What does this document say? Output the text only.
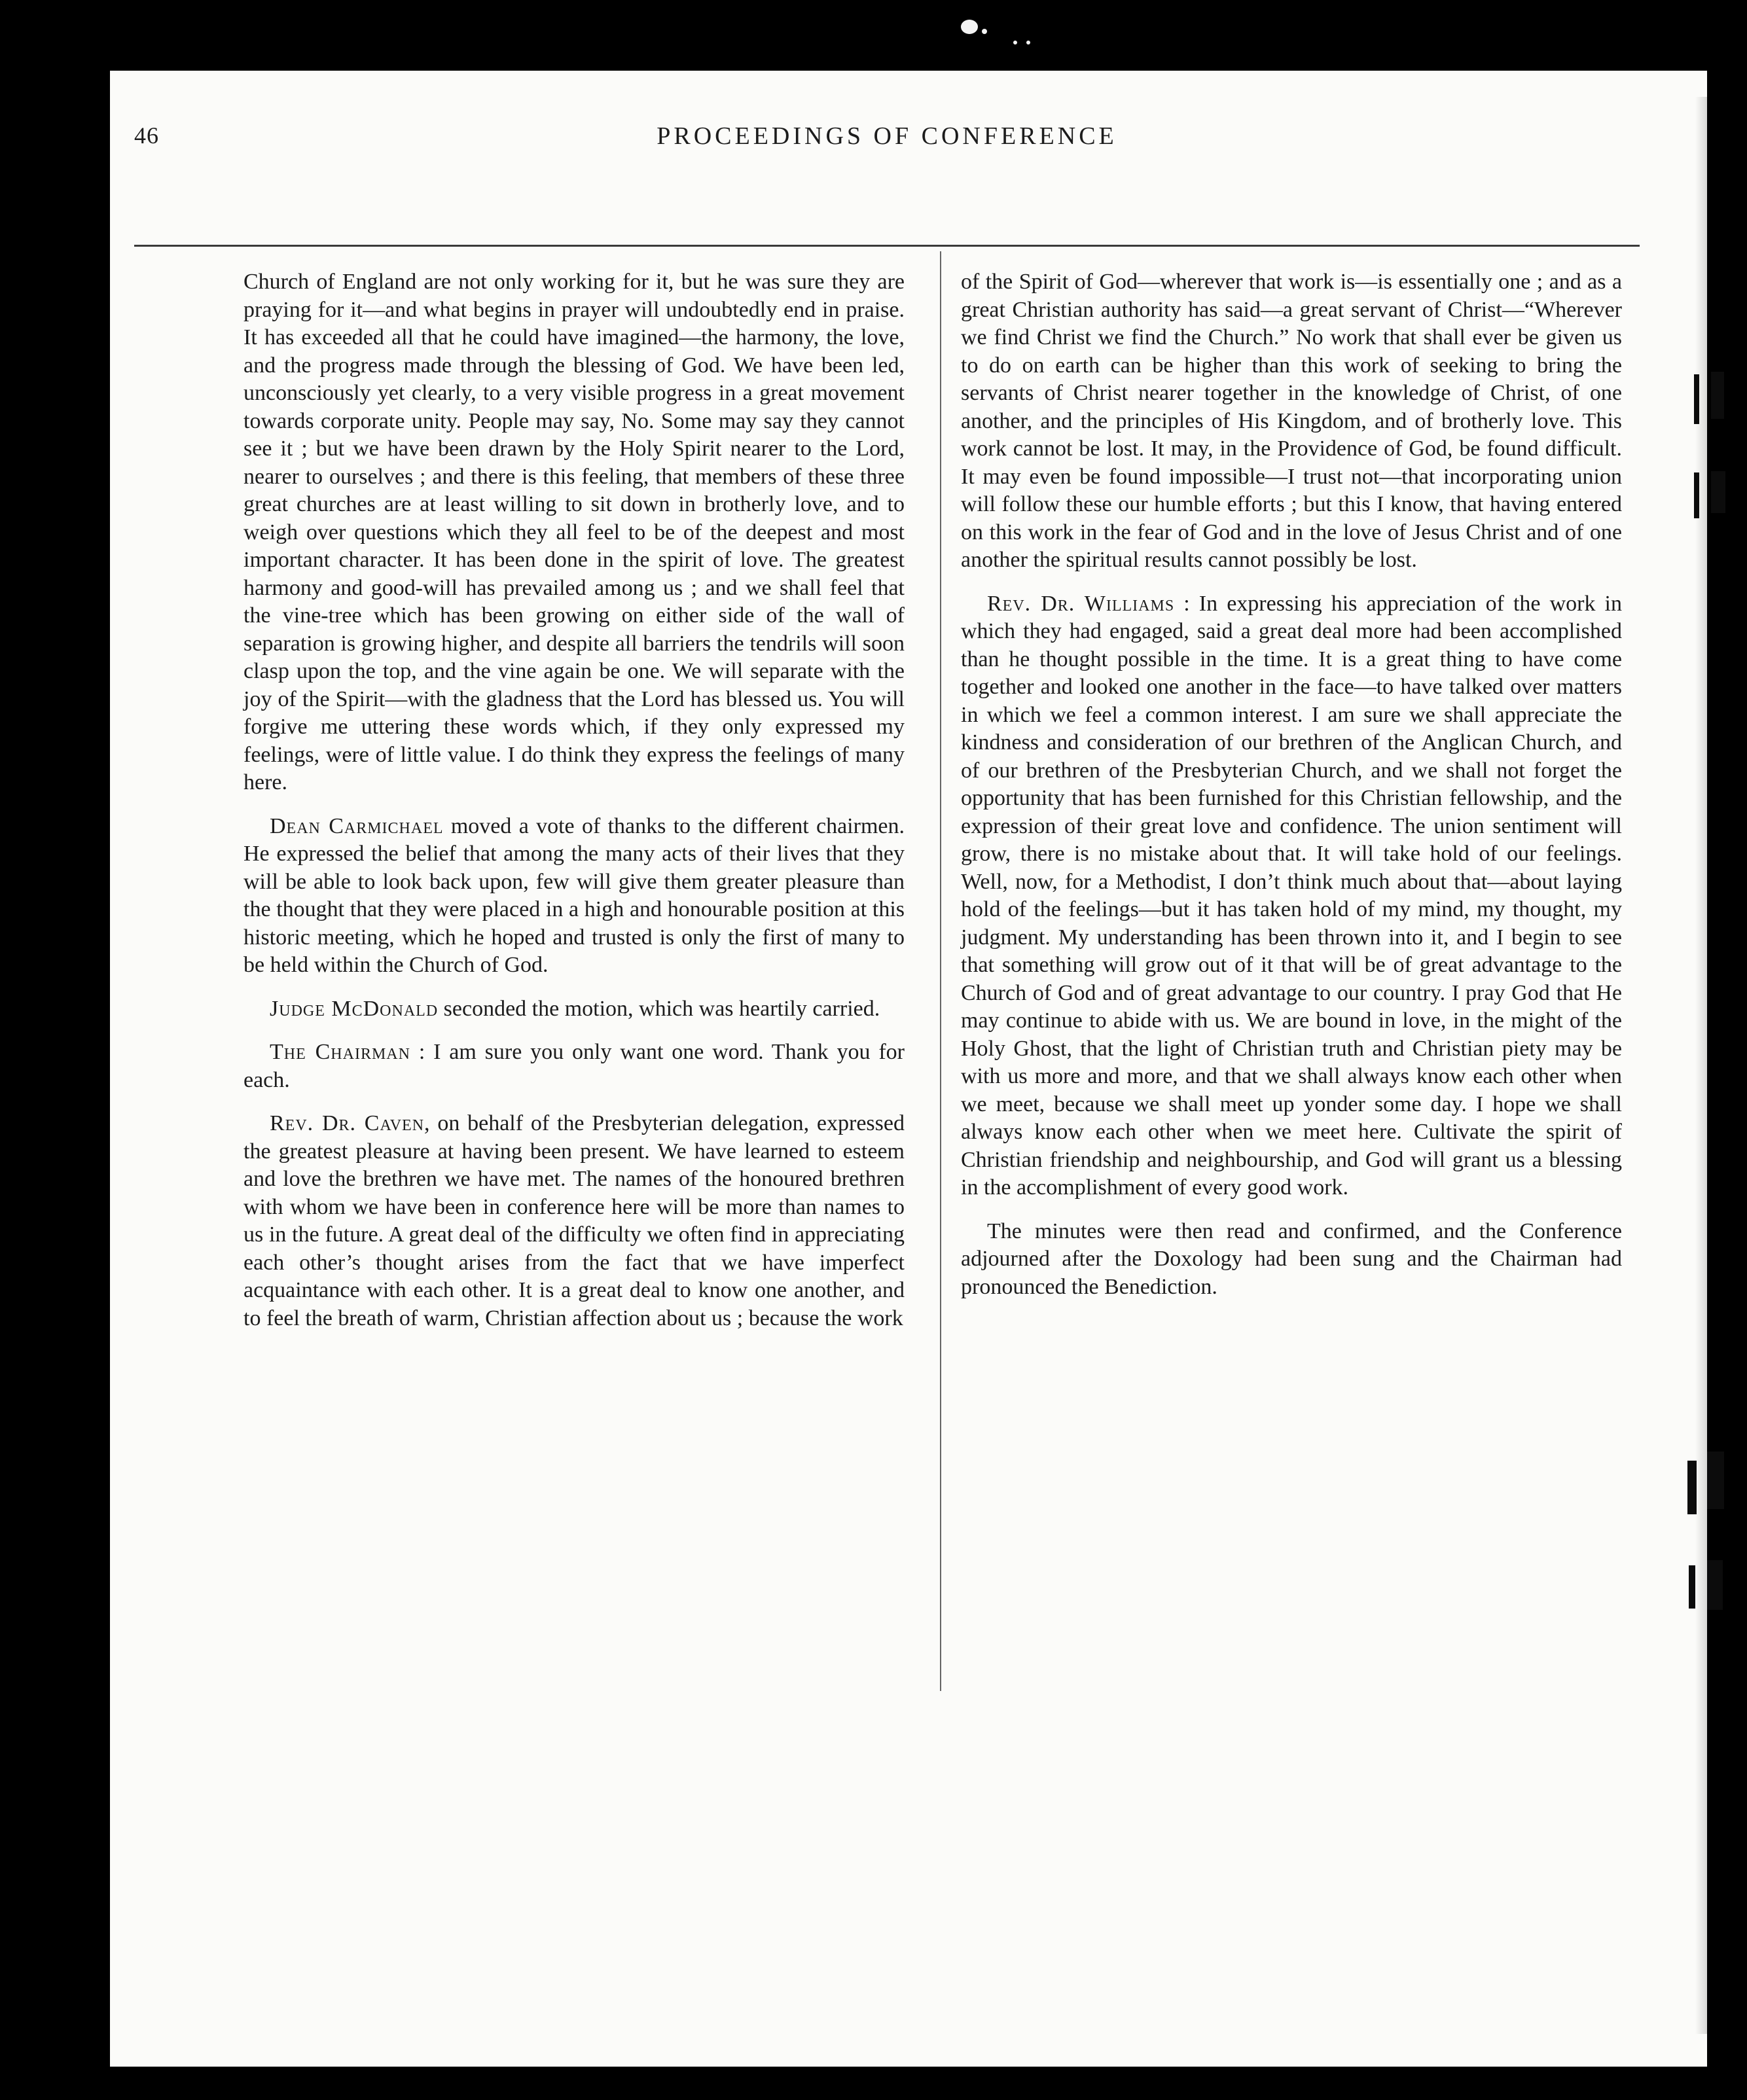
46	PROCEEDINGS OF CONFERENCE

Church of England are not only working for it, but he was sure they are praying for it—and what begins in prayer will undoubtedly end in praise. It has exceeded all that he could have imagined—the harmony, the love, and the progress made through the blessing of God. We have been led, unconsciously yet clearly, to a very visible progress in a great movement towards corporate unity. People may say, No. Some may say they cannot see it ; but we have been drawn by the Holy Spirit nearer to the Lord, nearer to ourselves ; and there is this feeling, that members of these three great churches are at least willing to sit down in brotherly love, and to weigh over questions which they all feel to be of the deepest and most important character. It has been done in the spirit of love. The greatest harmony and good-will has prevailed among us ; and we shall feel that the vine-tree which has been growing on either side of the wall of separation is growing higher, and despite all barriers the tendrils will soon clasp upon the top, and the vine again be one. We will separate with the joy of the Spirit—with the gladness that the Lord has blessed us. You will forgive me uttering these words which, if they only expressed my feelings, were of little value. I do think they express the feelings of many here.

Dean Carmichael moved a vote of thanks to the different chairmen. He expressed the belief that among the many acts of their lives that they will be able to look back upon, few will give them greater pleasure than the thought that they were placed in a high and honourable position at this historic meeting, which he hoped and trusted is only the first of many to be held within the Church of God.

Judge McDonald seconded the motion, which was heartily carried.

The Chairman : I am sure you only want one word. Thank you for each.

Rev. Dr. Caven, on behalf of the Presbyterian delegation, expressed the greatest pleasure at having been present. We have learned to esteem and love the brethren we have met. The names of the honoured brethren with whom we have been in conference here will be more than names to us in the future. A great deal of the difficulty we often find in appreciating each other’s thought arises from the fact that we have imperfect acquaintance with each other. It is a great deal to know one another, and to feel the breath of warm, Christian affection about us ; because the work

of the Spirit of God—wherever that work is—is essentially one ; and as a great Christian authority has said—a great servant of Christ—“Wherever we find Christ we find the Church.” No work that shall ever be given us to do on earth can be higher than this work of seeking to bring the servants of Christ nearer together in the knowledge of Christ, of one another, and the principles of His Kingdom, and of brotherly love. This work cannot be lost. It may, in the Providence of God, be found difficult. It may even be found impossible—I trust not—that incorporating union will follow these our humble efforts ; but this I know, that having entered on this work in the fear of God and in the love of Jesus Christ and of one another the spiritual results cannot possibly be lost.

Rev. Dr. Williams : In expressing his appreciation of the work in which they had engaged, said a great deal more had been accomplished than he thought possible in the time. It is a great thing to have come together and looked one another in the face—to have talked over matters in which we feel a common interest. I am sure we shall appreciate the kindness and consideration of our brethren of the Anglican Church, and of our brethren of the Presbyterian Church, and we shall not forget the opportunity that has been furnished for this Christian fellowship, and the expression of their great love and confidence. The union sentiment will grow, there is no mistake about that. It will take hold of our feelings. Well, now, for a Methodist, I don’t think much about that—about laying hold of the feelings—but it has taken hold of my mind, my thought, my judgment. My understanding has been thrown into it, and I begin to see that something will grow out of it that will be of great advantage to the Church of God and of great advantage to our country. I pray God that He may continue to abide with us. We are bound in love, in the might of the Holy Ghost, that the light of Christian truth and Christian piety may be with us more and more, and that we shall always know each other when we meet, because we shall meet up yonder some day. I hope we shall always know each other when we meet here. Cultivate the spirit of Christian friendship and neighbourship, and God will grant us a blessing in the accomplishment of every good work.

The minutes were then read and confirmed, and the Conference adjourned after the Doxology had been sung and the Chairman had pronounced the Benediction.
